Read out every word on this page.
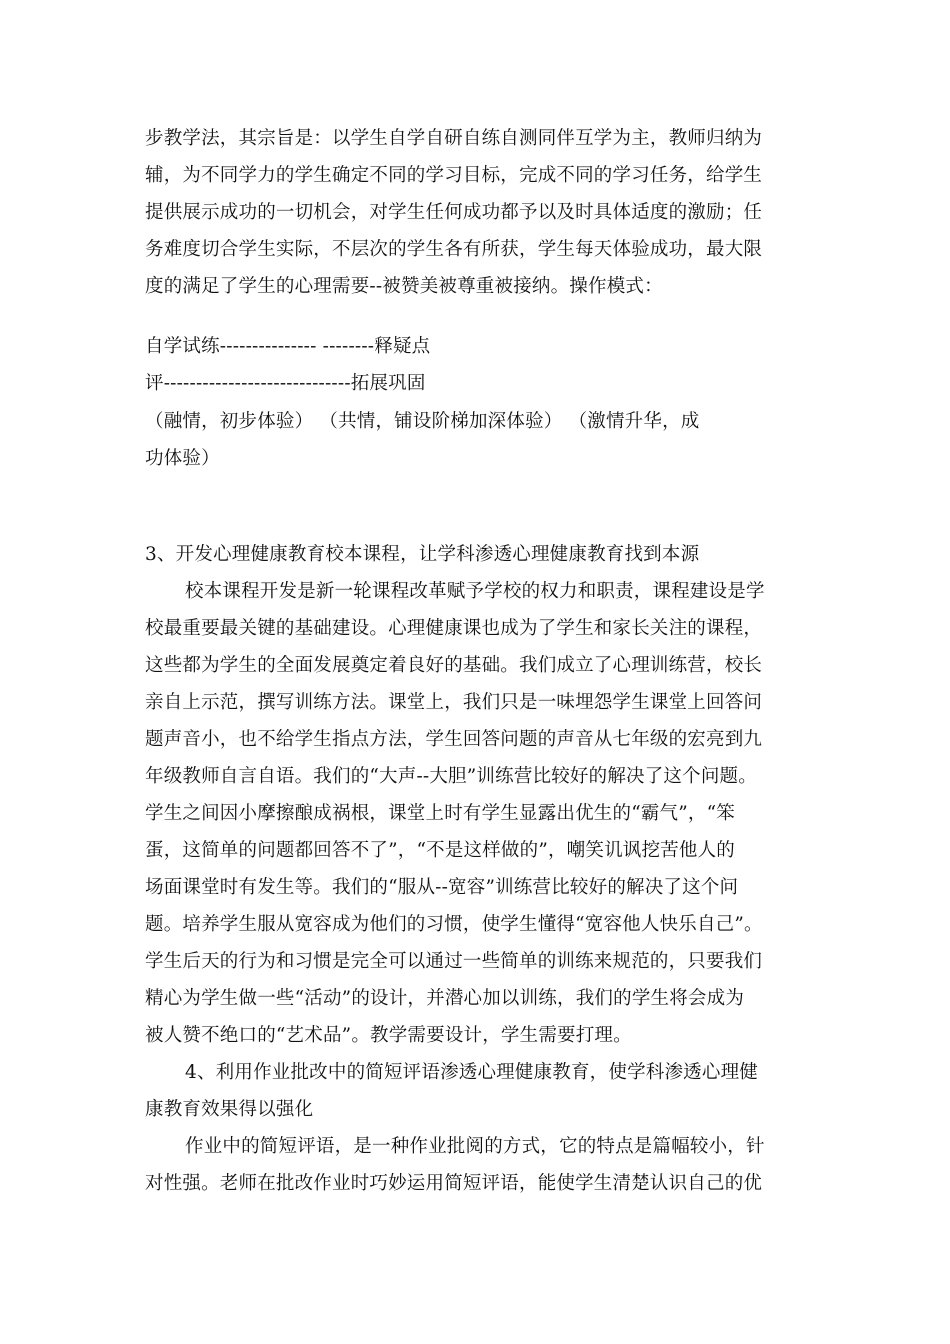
步教学法，其宗旨是：以学生自学自研自练自测同伴互学为主，教师归纳为
辅，为不同学力的学生确定不同的学习目标，完成不同的学习任务，给学生
提供展示成功的一切机会，对学生任何成功都予以及时具体适度的激励；任
务难度切合学生实际，不层次的学生各有所获，学生每天体验成功，最大限
度的满足了学生的心理需要--被赞美被尊重被接纳。操作模式：
自学试练--------------- --------释疑点
评-----------------------------拓展巩固
（融情，初步体验） （共情，铺设阶梯加深体验） （激情升华，成
功体验）
3、开发心理健康教育校本课程，让学科渗透心理健康教育找到本源
校本课程开发是新一轮课程改革赋予学校的权力和职责，课程建设是学
校最重要最关键的基础建设。心理健康课也成为了学生和家长关注的课程，
这些都为学生的全面发展奠定着良好的基础。我们成立了心理训练营，校长
亲自上示范，撰写训练方法。课堂上，我们只是一味埋怨学生课堂上回答问
题声音小，也不给学生指点方法，学生回答问题的声音从七年级的宏亮到九
年级教师自言自语。我们的“大声--大胆”训练营比较好的解决了这个问题。
学生之间因小摩擦酿成祸根，课堂上时有学生显露出优生的“霸气”，“笨
蛋，这简单的问题都回答不了”，“不是这样做的”，嘲笑讥讽挖苦他人的
场面课堂时有发生等。我们的“服从--宽容”训练营比较好的解决了这个问
题。培养学生服从宽容成为他们的习惯，使学生懂得“宽容他人快乐自己”。
学生后天的行为和习惯是完全可以通过一些简单的训练来规范的，只要我们
精心为学生做一些“活动”的设计，并潜心加以训练，我们的学生将会成为
被人赞不绝口的“艺术品”。教学需要设计，学生需要打理。
4、利用作业批改中的简短评语渗透心理健康教育，使学科渗透心理健
康教育效果得以强化
作业中的简短评语，是一种作业批阅的方式，它的特点是篇幅较小，针
对性强。老师在批改作业时巧妙运用简短评语，能使学生清楚认识自己的优
